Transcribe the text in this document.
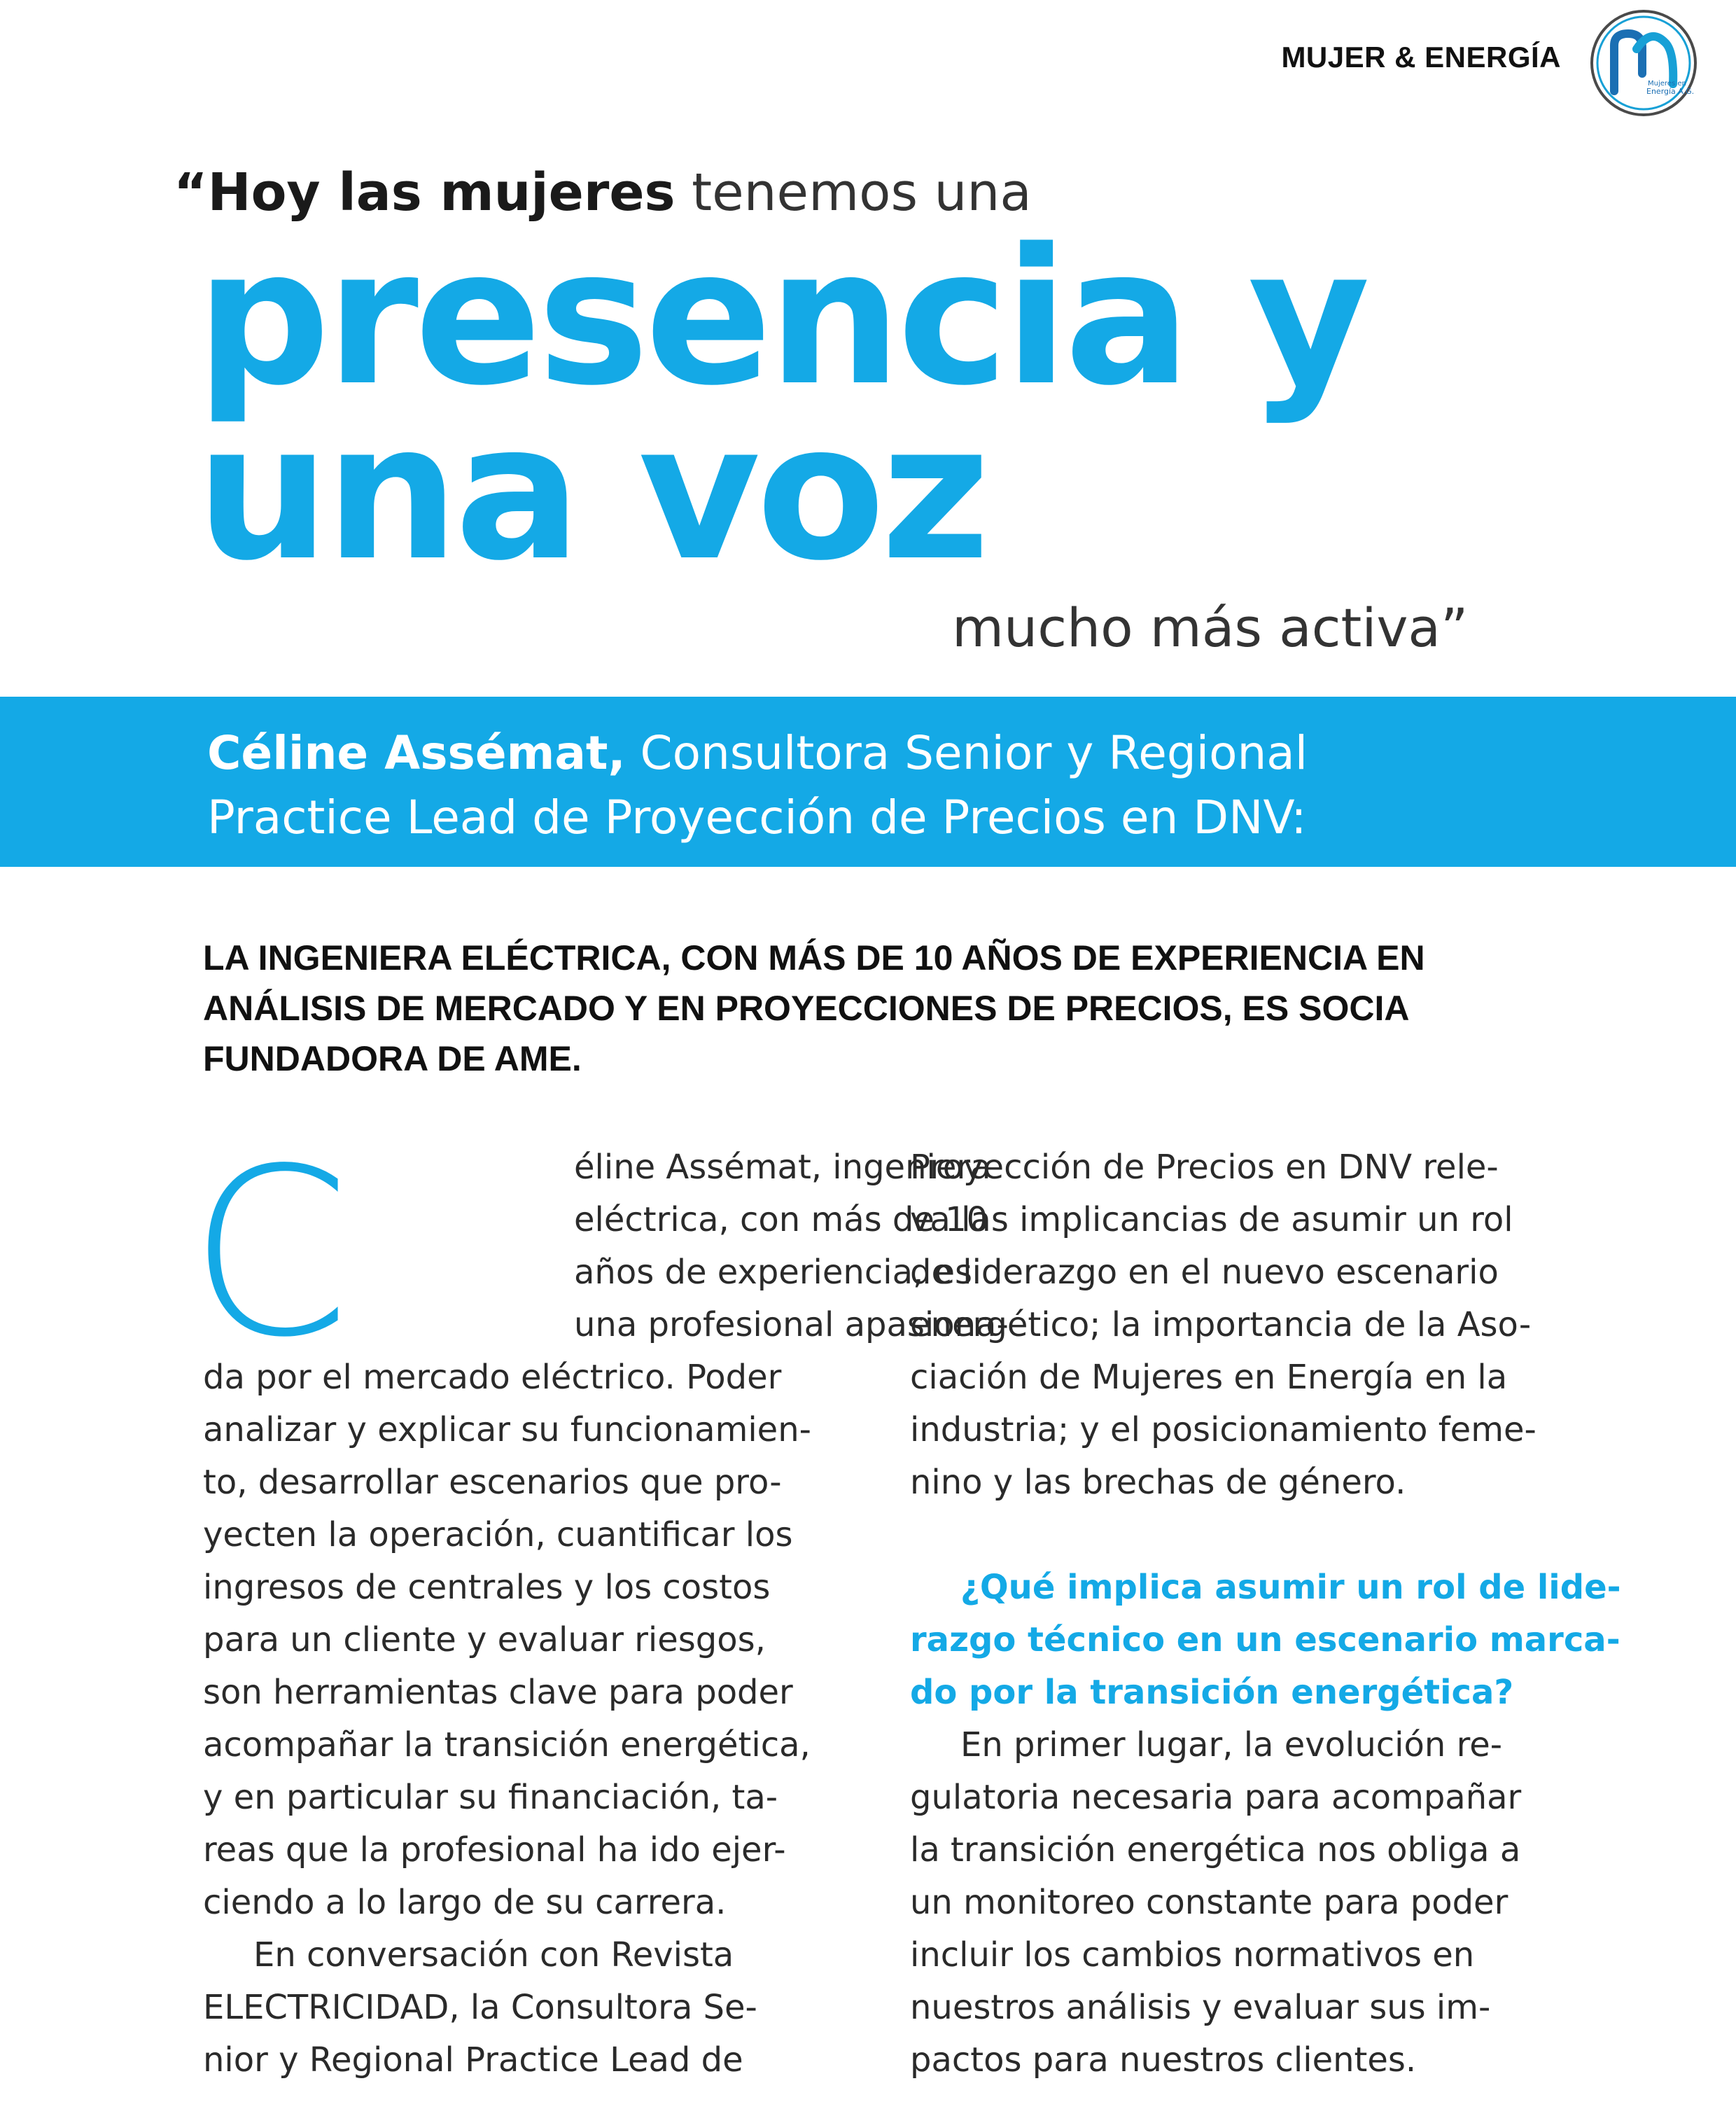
MUJER & ENERGÍA
Mujeres en
Energía A.G.
“Hoy las mujeres tenemos una
presencia y
una voz
mucho más activa”
Céline Assémat, Consultora Senior y Regional
Practice Lead de Proyección de Precios en DNV:
LA INGENIERA ELÉCTRICA, CON MÁS DE 10 AÑOS DE EXPERIENCIA EN
ANÁLISIS DE MERCADO Y EN PROYECCIONES DE PRECIOS, ES SOCIA
FUNDADORA DE AME.
C	éline Assémat, ingeniera
eléctrica, con más de 10
años de experiencia, es
una profesional apasiona-
da por el mercado eléctrico. Poder
analizar y explicar su funcionamien-
to, desarrollar escenarios que pro-
yecten la operación, cuantificar los
ingresos de centrales y los costos
para un cliente y evaluar riesgos,
son herramientas clave para poder
acompañar la transición energética,
y en particular su financiación, ta-
reas que la profesional ha ido ejer-
ciendo a lo largo de su carrera.
En conversación con Revista
ELECTRICIDAD, la Consultora Se-
nior y Regional Practice Lead de
Proyección de Precios en DNV rele-
va las implicancias de asumir un rol
de liderazgo en el nuevo escenario
energético; la importancia de la Aso-
ciación de Mujeres en Energía en la
industria; y el posicionamiento feme-
nino y las brechas de género.
¿Qué implica asumir un rol de lide-
razgo técnico en un escenario marca-
do por la transición energética?
En primer lugar, la evolución re-
gulatoria necesaria para acompañar
la transición energética nos obliga a
un monitoreo constante para poder
incluir los cambios normativos en
nuestros análisis y evaluar sus im-
pactos para nuestros clientes.
